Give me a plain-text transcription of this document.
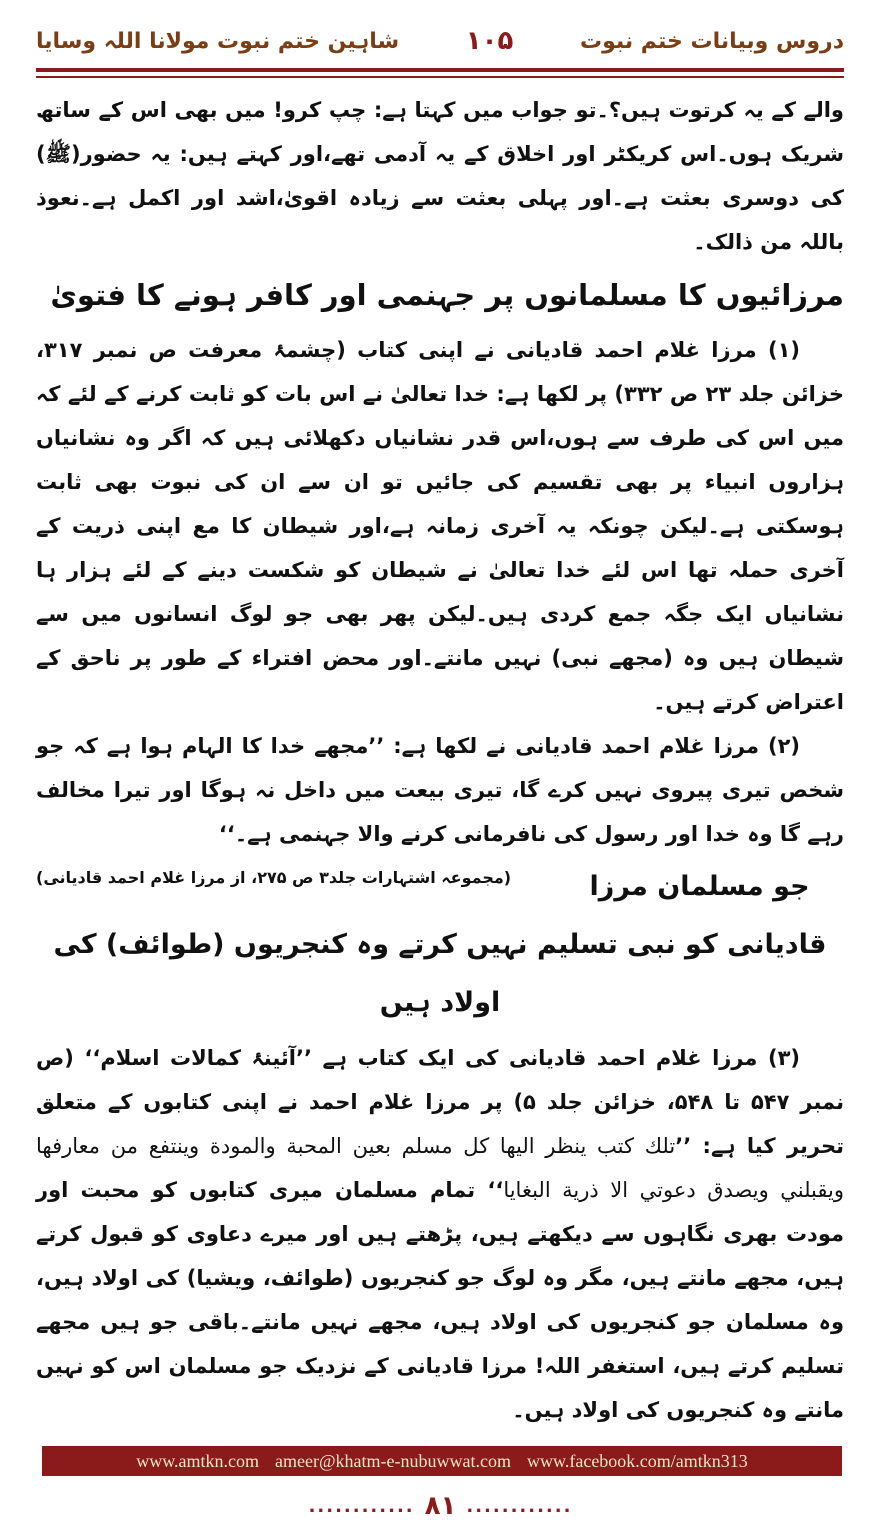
دروس وبیانات ختم نبوت
۱۰۵
شاہین ختم نبوت مولانا اللہ وسایا

والے کے یہ کرتوت ہیں؟۔تو جواب میں کہتا ہے: چپ کرو! میں بھی اس کے ساتھ شریک ہوں۔اس کریکٹر اور اخلاق کے یہ آدمی تھے،اور کہتے ہیں: یہ حضور(ﷺ) کی دوسری بعثت ہے۔اور پہلی بعثت سے زیادہ اقویٰ،اشد اور اکمل ہے۔نعوذ باللہ من ذالک۔

مرزائیوں کا مسلمانوں پر جہنمی اور کافر ہونے کا فتویٰ

(۱) مرزا غلام احمد قادیانی نے اپنی کتاب (چشمۂ معرفت ص نمبر ۳۱۷، خزائن جلد ۲۳ ص ۳۳۲) پر لکھا ہے: خدا تعالیٰ نے اس بات کو ثابت کرنے کے لئے کہ میں اس کی طرف سے ہوں،اس قدر نشانیاں دکھلائی ہیں کہ اگر وہ نشانیاں ہزاروں انبیاء پر بھی تقسیم کی جائیں تو ان سے ان کی نبوت بھی ثابت ہوسکتی ہے۔لیکن چونکہ یہ آخری زمانہ ہے،اور شیطان کا مع اپنی ذریت کے آخری حملہ تھا اس لئے خدا تعالیٰ نے شیطان کو شکست دینے کے لئے ہزار ہا نشانیاں ایک جگہ جمع کردی ہیں۔لیکن پھر بھی جو لوگ انسانوں میں سے شیطان ہیں وہ (مجھے نبی) نہیں مانتے۔اور محض افتراء کے طور پر ناحق کے اعتراض کرتے ہیں۔

(۲) مرزا غلام احمد قادیانی نے لکھا ہے: ’’مجھے خدا کا الہام ہوا ہے کہ جو شخص تیری پیروی نہیں کرے گا، تیری بیعت میں داخل نہ ہوگا اور تیرا مخالف رہے گا وہ خدا اور رسول کی نافرمانی کرنے والا جہنمی ہے۔‘‘
(مجموعہ اشتہارات جلد۳ ص ۲۷۵، از مرزا غلام احمد قادیانی)	جو مسلمان مرزا قادیانی کو نبی تسلیم نہیں کرتے وہ کنجریوں (طوائف) کی اولاد ہیں

(۳) مرزا غلام احمد قادیانی کی ایک کتاب ہے ’’آئینۂ کمالات اسلام‘‘ (ص نمبر ۵۴۷ تا ۵۴۸، خزائن جلد ۵) پر مرزا غلام احمد نے اپنی کتابوں کے متعلق تحریر کیا ہے: ’’تلك كتب ينظر اليها كل مسلم بعين المحبة والمودة وينتفع من معارفها ويقبلني ويصدق دعوتي الا ذرية البغايا‘‘ تمام مسلمان میری کتابوں کو محبت اور مودت بھری نگاہوں سے دیکھتے ہیں، پڑھتے ہیں اور میرے دعاوی کو قبول کرتے ہیں، مجھے مانتے ہیں، مگر وہ لوگ جو کنجریوں (طوائف، ویشیا) کی اولاد ہیں، وہ مسلمان جو کنجریوں کی اولاد ہیں، مجھے نہیں مانتے۔باقی جو ہیں مجھے تسلیم کرتے ہیں، استغفر اللہ! مرزا قادیانی کے نزدیک جو مسلمان اس کو نہیں مانتے وہ کنجریوں کی اولاد ہیں۔

www.amtkn.com ameer@khatm-e-nubuwwat.com www.facebook.com/amtkn313
............ ۸۱ ............
